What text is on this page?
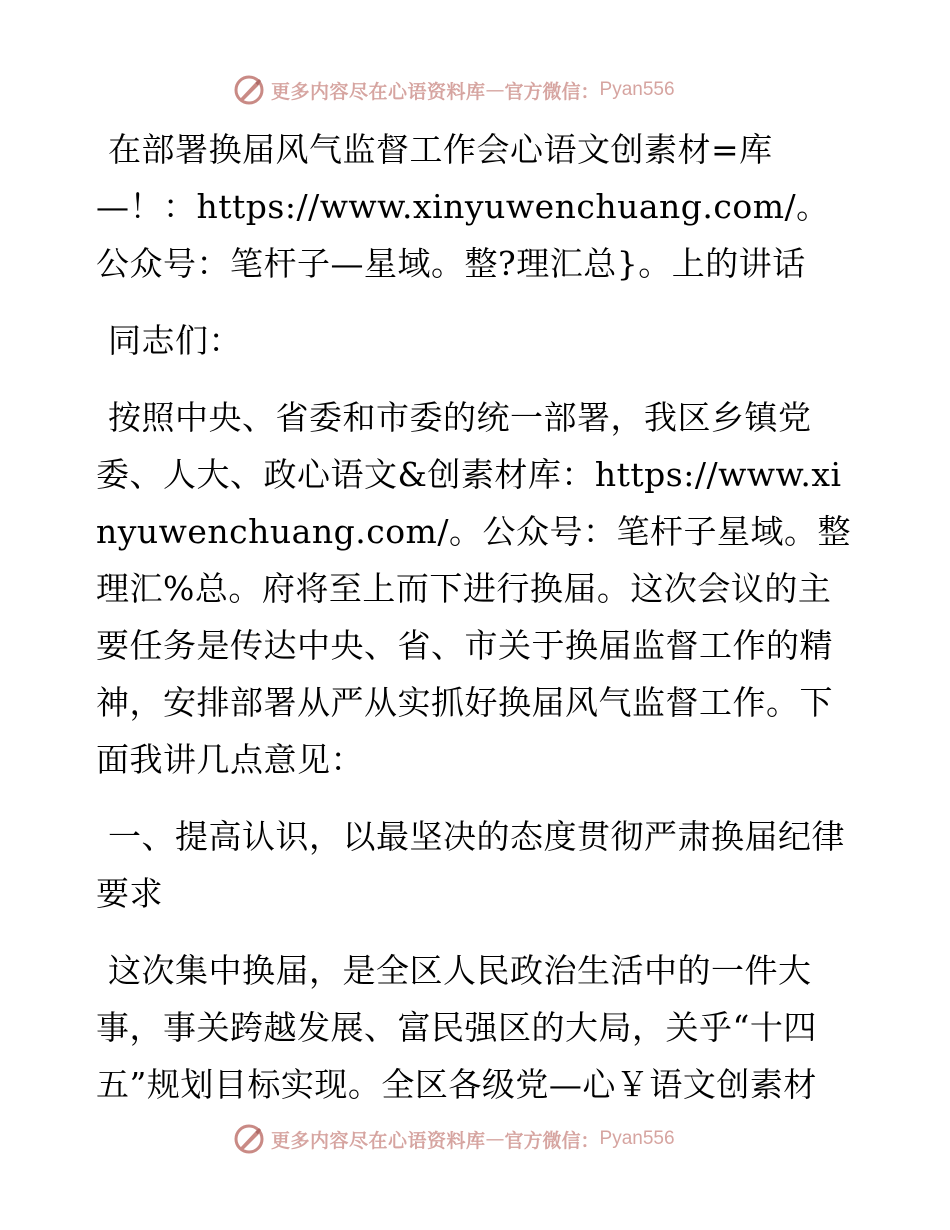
更多内容尽在心语资料库 — 官方微信： Pyan556

在部署换届风气监督工作会心语文创素材=库—！：https://www.xinyuwenchuang.com/。公众号：笔杆子—星域。整?理汇总}。上的讲话

同志们：

按照中央、省委和市委的统一部署，我区乡镇党委、人大、政心语文&创素材库：https://www.xinyuwenchuang.com/。公众号：笔杆子星域。整理汇%总。府将至上而下进行换届。这次会议的主要任务是传达中央、省、市关于换届监督工作的精神，安排部署从严从实抓好换届风气监督工作。下面我讲几点意见：

一、提高认识，以最坚决的态度贯彻严肃换届纪律要求

这次集中换届，是全区人民政治生活中的一件大事，事关跨越发展、富民强区的大局，关乎“十四五”规划目标实现。全区各级党—心￥语文创素材

更多内容尽在心语资料库 — 官方微信： Pyan556
